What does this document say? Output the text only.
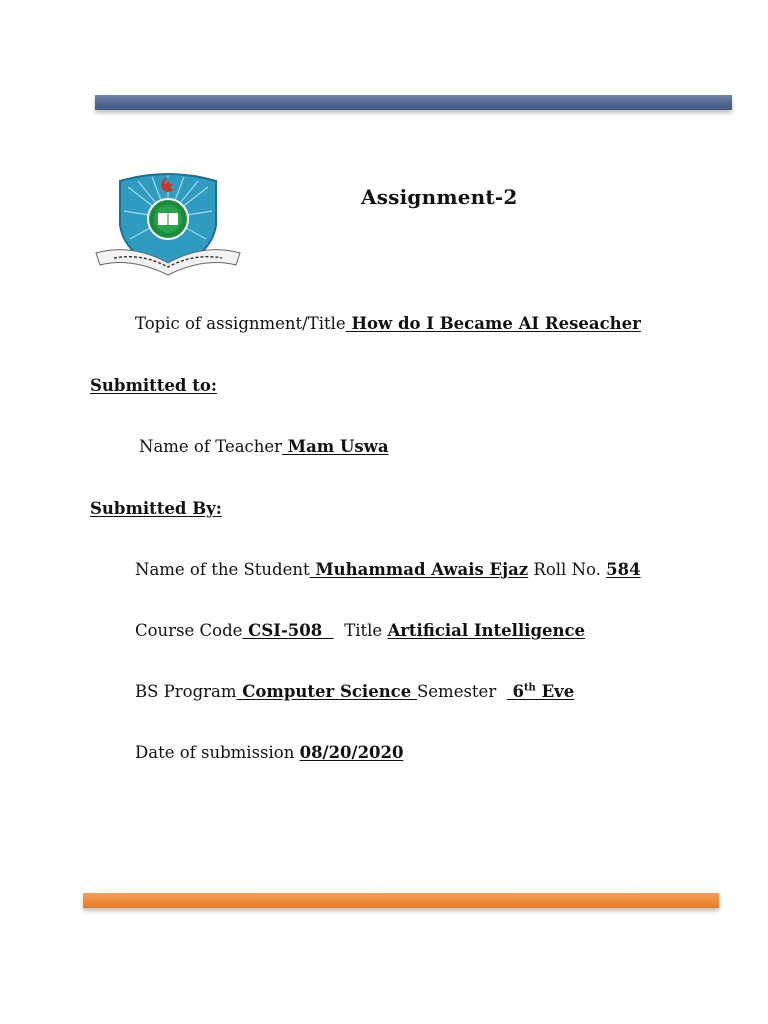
Assignment-2
Topic of assignment/Title How do I Became AI Reseacher
Submitted to:
Name of Teacher Mam Uswa
Submitted By:
Name of the Student Muhammad Awais Ejaz Roll No. 584
Course Code CSI-508    Title Artificial Intelligence
BS Program Computer Science Semester   6th Eve
Date of submission 08/20/2020
